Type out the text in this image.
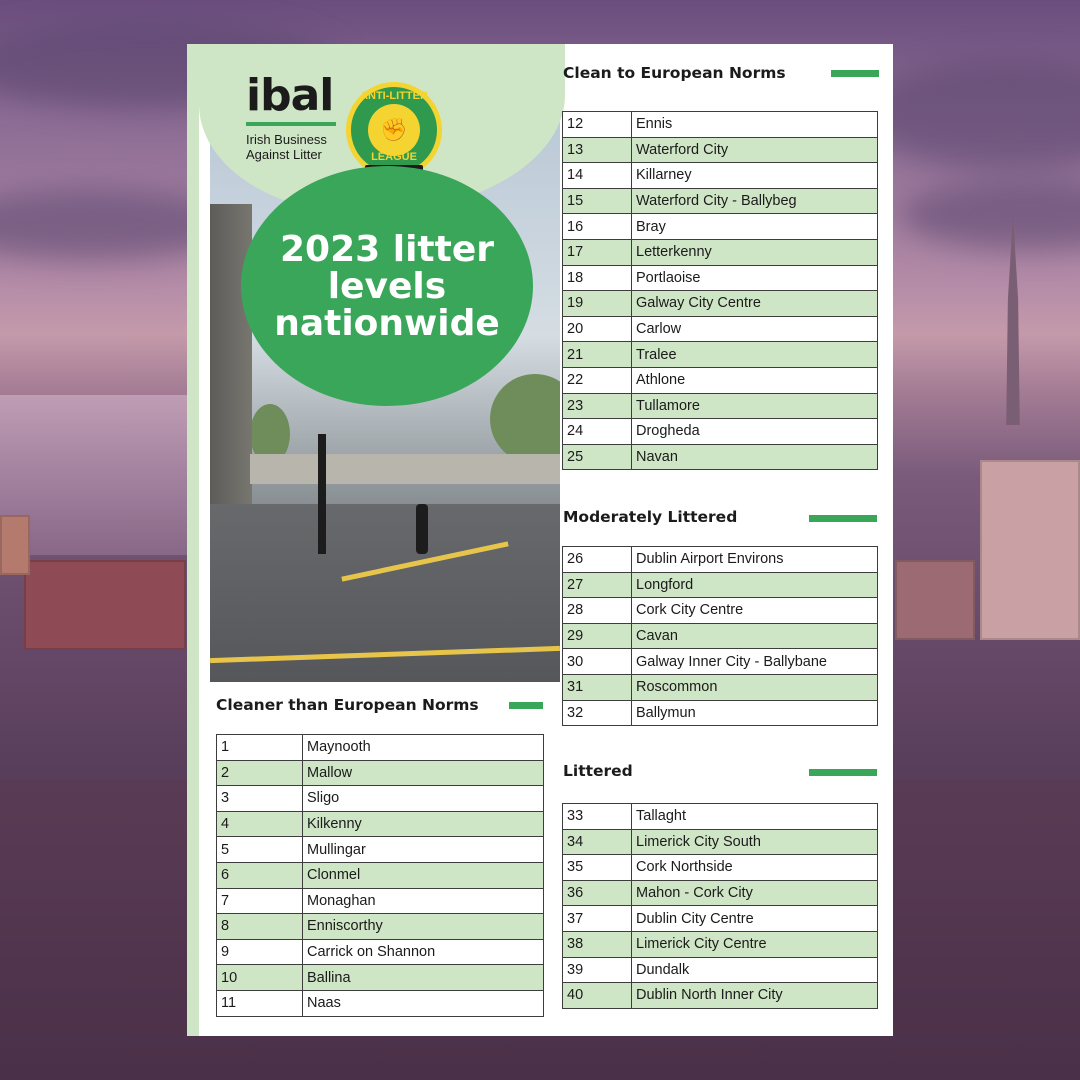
ibal
Irish Business
Against Litter
ANTI-LITTER
✊
LEAGUE
2023 litter
levels
nationwide
Cleaner than European Norms
1	Maynooth
2	Mallow
3	Sligo
4	Kilkenny
5	Mullingar
6	Clonmel
7	Monaghan
8	Enniscorthy
9	Carrick on Shannon
10	Ballina
11	Naas
Clean to European Norms
12	Ennis
13	Waterford City
14	Killarney
15	Waterford City - Ballybeg
16	Bray
17	Letterkenny
18	Portlaoise
19	Galway City Centre
20	Carlow
21	Tralee
22	Athlone
23	Tullamore
24	Drogheda
25	Navan
Moderately Littered
26	Dublin Airport Environs
27	Longford
28	Cork City Centre
29	Cavan
30	Galway Inner City - Ballybane
31	Roscommon
32	Ballymun
Littered
33	Tallaght
34	Limerick City South
35	Cork Northside
36	Mahon - Cork City
37	Dublin City Centre
38	Limerick City Centre
39	Dundalk
40	Dublin North Inner City
